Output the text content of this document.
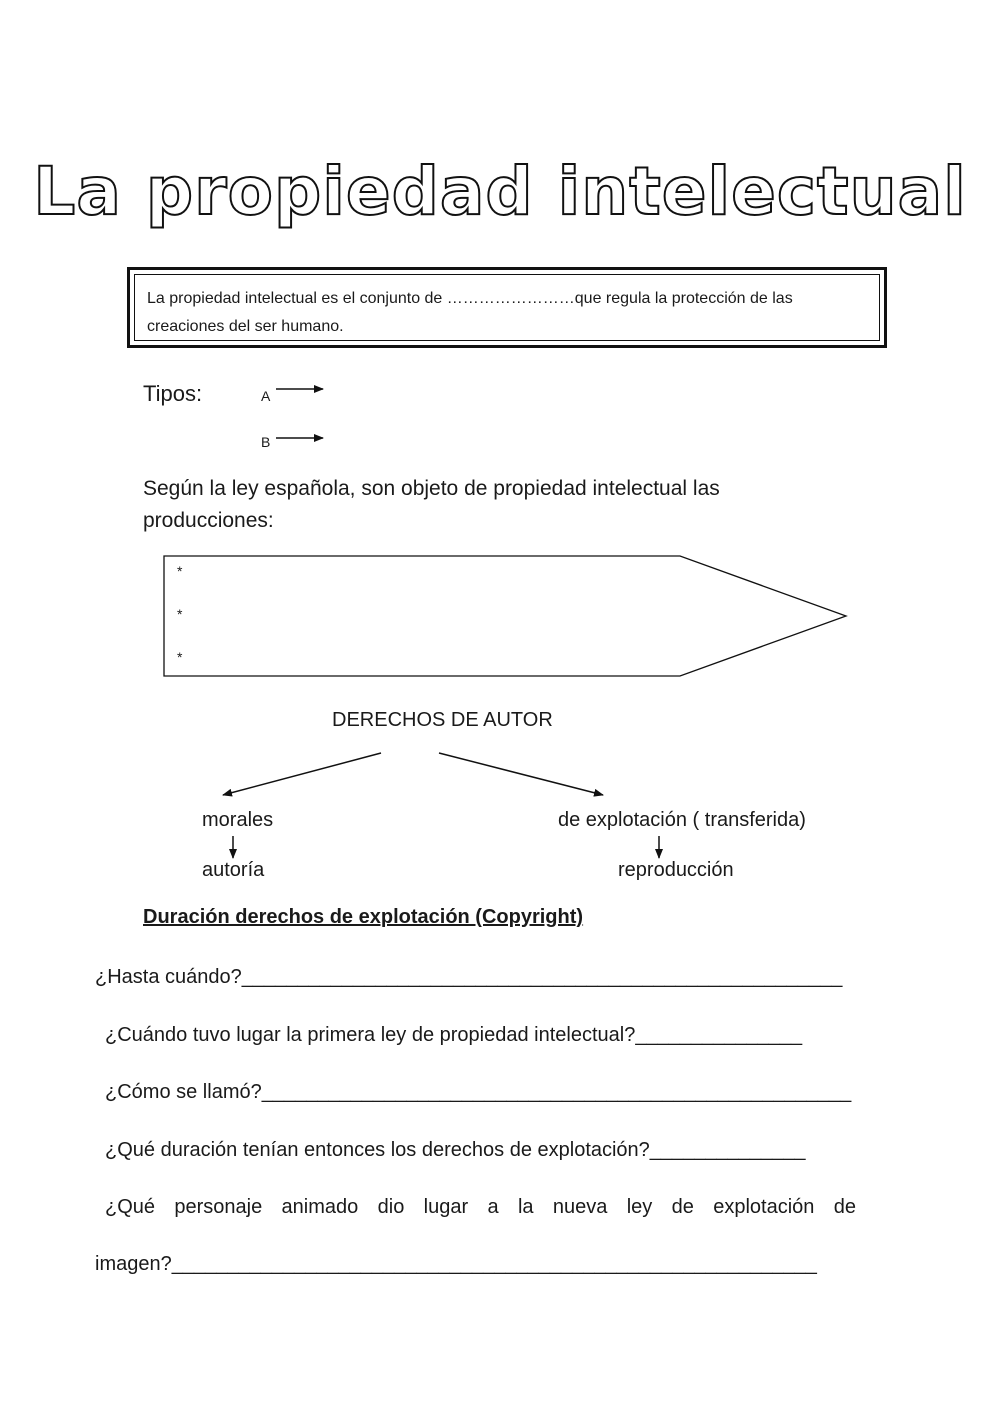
La propiedad intelectual
La propiedad intelectual es el conjunto de ……………………que regula la protección de las
creaciones del ser humano.
Tipos:	A
B
Según la ley española, son objeto de propiedad intelectual las
producciones:
*
*
*
DERECHOS DE AUTOR
morales	de explotación ( transferida)
autoría	reproducción
Duración derechos de explotación (Copyright)
¿Hasta cuándo?______________________________________________________
¿Cuándo tuvo lugar la primera ley de propiedad intelectual?_______________
¿Cómo se llamó?_____________________________________________________
¿Qué duración tenían entonces los derechos de explotación?______________
¿Qué personaje animado dio lugar a la nueva ley de explotación de
imagen?__________________________________________________________
